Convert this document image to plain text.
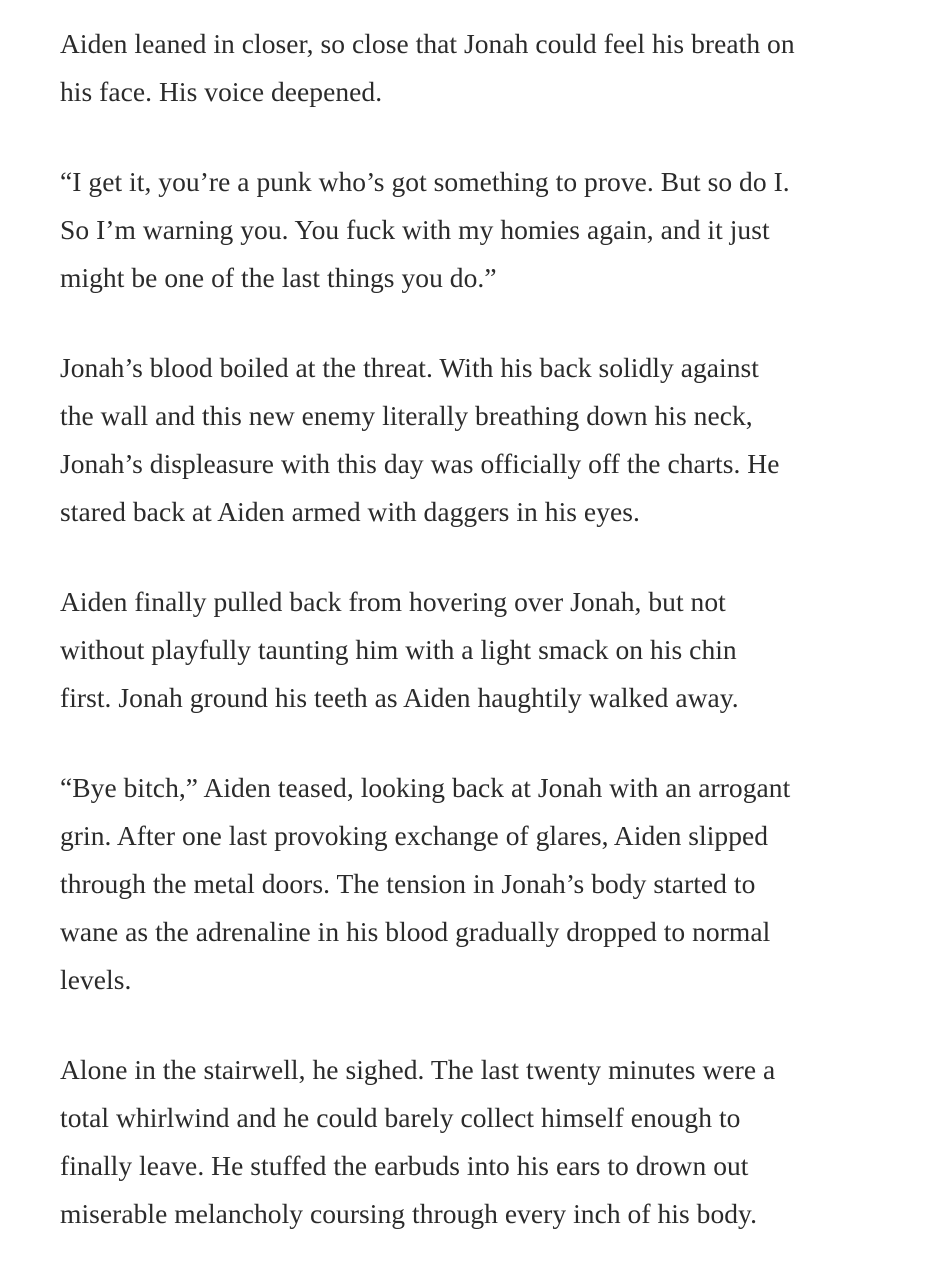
Aiden leaned in closer, so close that Jonah could feel his breath on
his face. His voice deepened.

“I get it, you’re a punk who’s got something to prove. But so do I.
So I’m warning you. You fuck with my homies again, and it just
might be one of the last things you do.”

Jonah’s blood boiled at the threat. With his back solidly against
the wall and this new enemy literally breathing down his neck,
Jonah’s displeasure with this day was officially off the charts. He
stared back at Aiden armed with daggers in his eyes.

Aiden finally pulled back from hovering over Jonah, but not
without playfully taunting him with a light smack on his chin
first. Jonah ground his teeth as Aiden haughtily walked away.

“Bye bitch,” Aiden teased, looking back at Jonah with an arrogant
grin. After one last provoking exchange of glares, Aiden slipped
through the metal doors. The tension in Jonah’s body started to
wane as the adrenaline in his blood gradually dropped to normal
levels.

Alone in the stairwell, he sighed. The last twenty minutes were a
total whirlwind and he could barely collect himself enough to
finally leave. He stuffed the earbuds into his ears to drown out
miserable melancholy coursing through every inch of his body.
